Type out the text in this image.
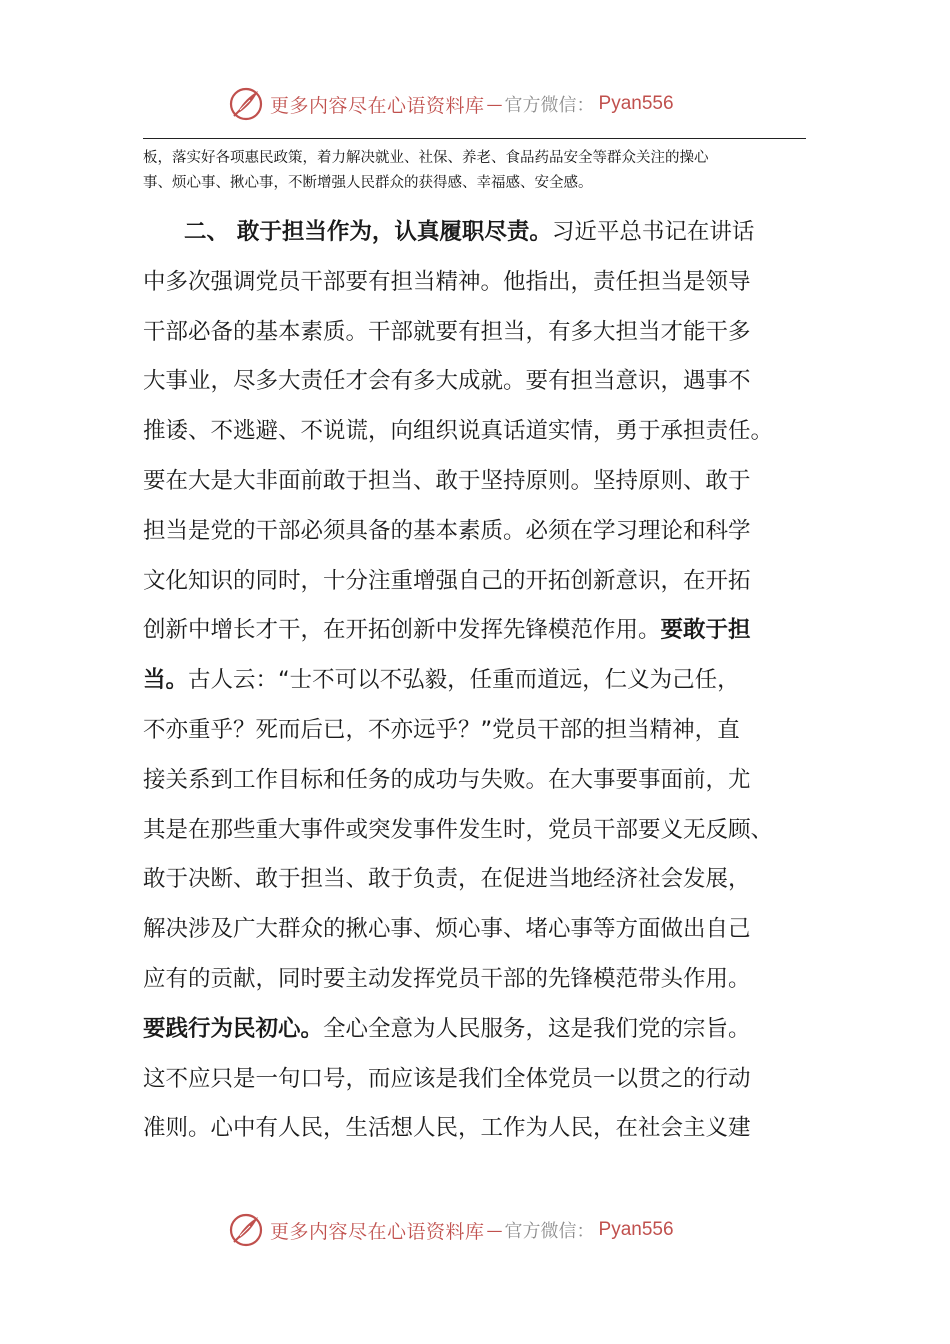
更多内容尽在心语资料库 — 官方微信： Pyan556
板，落实好各项惠民政策，着力解决就业、社保、养老、食品药品安全等群众关注的操心
事、烦心事、揪心事，不断增强人民群众的获得感、幸福感、安全感。
二、 敢于担当作为，认真履职尽责。习近平总书记在讲话
中多次强调党员干部要有担当精神。他指出，责任担当是领导
干部必备的基本素质。干部就要有担当，有多大担当才能干多
大事业，尽多大责任才会有多大成就。要有担当意识，遇事不
推诿、不逃避、不说谎，向组织说真话道实情，勇于承担责任。
要在大是大非面前敢于担当、敢于坚持原则。坚持原则、敢于
担当是党的干部必须具备的基本素质。必须在学习理论和科学
文化知识的同时，十分注重增强自己的开拓创新意识，在开拓
创新中增长才干，在开拓创新中发挥先锋模范作用。要敢于担
当。古人云：“士不可以不弘毅，任重而道远，仁义为己任，
不亦重乎？死而后已，不亦远乎？”党员干部的担当精神，直
接关系到工作目标和任务的成功与失败。在大事要事面前，尤
其是在那些重大事件或突发事件发生时，党员干部要义无反顾、
敢于决断、敢于担当、敢于负责，在促进当地经济社会发展，
解决涉及广大群众的揪心事、烦心事、堵心事等方面做出自己
应有的贡献，同时要主动发挥党员干部的先锋模范带头作用。
要践行为民初心。全心全意为人民服务，这是我们党的宗旨。
这不应只是一句口号，而应该是我们全体党员一以贯之的行动
准则。心中有人民，生活想人民，工作为人民，在社会主义建
更多内容尽在心语资料库 — 官方微信： Pyan556
